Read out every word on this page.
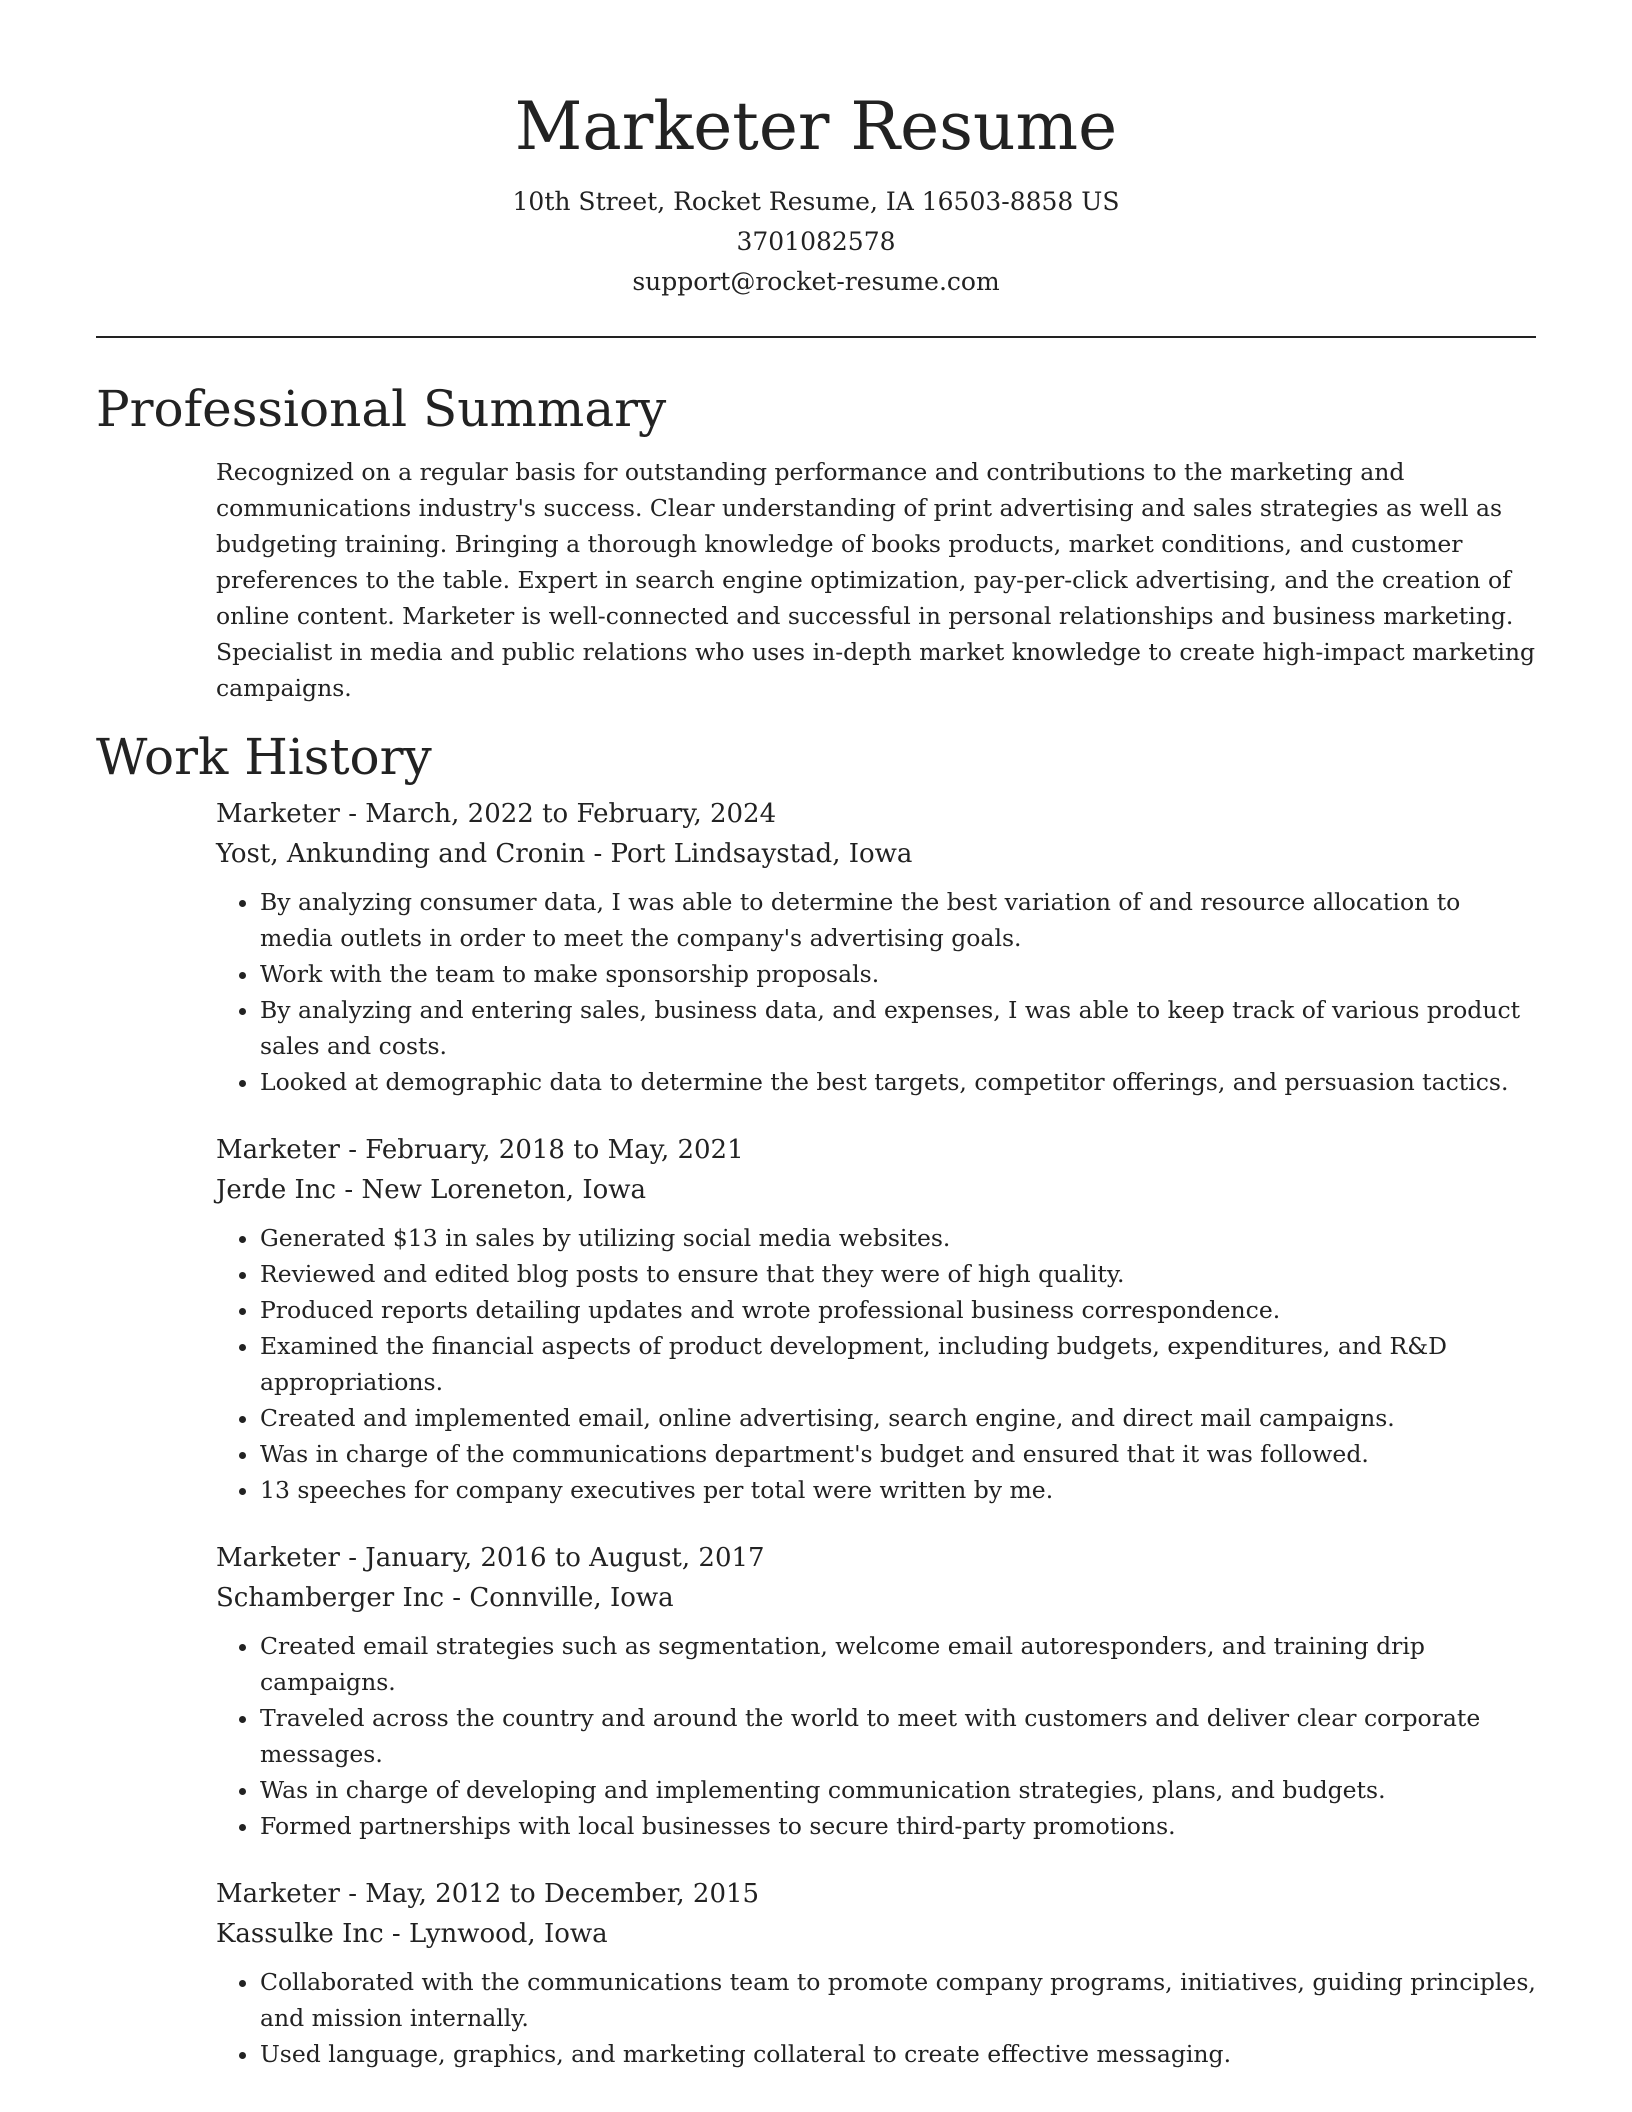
Marketer Resume
10th Street, Rocket Resume, IA 16503-8858 US
3701082578
support@rocket-resume.com
Professional Summary

Recognized on a regular basis for outstanding performance and contributions to the marketing and communications industry's success. Clear understanding of print advertising and sales strategies as well as budgeting training. Bringing a thorough knowledge of books products, market conditions, and customer preferences to the table. Expert in search engine optimization, pay-per-click advertising, and the creation of online content. Marketer is well-connected and successful in personal relationships and business marketing. Specialist in media and public relations who uses in-depth market knowledge to create high-impact marketing campaigns.

Work History
Marketer - March, 2022 to February, 2024
Yost, Ankunding and Cronin - Port Lindsaystad, Iowa
• By analyzing consumer data, I was able to determine the best variation of and resource allocation to media outlets in order to meet the company's advertising goals.
• Work with the team to make sponsorship proposals.
• By analyzing and entering sales, business data, and expenses, I was able to keep track of various product sales and costs.
• Looked at demographic data to determine the best targets, competitor offerings, and persuasion tactics.
Marketer - February, 2018 to May, 2021
Jerde Inc - New Loreneton, Iowa
• Generated $13 in sales by utilizing social media websites.
• Reviewed and edited blog posts to ensure that they were of high quality.
• Produced reports detailing updates and wrote professional business correspondence.
• Examined the financial aspects of product development, including budgets, expenditures, and R&D appropriations.
• Created and implemented email, online advertising, search engine, and direct mail campaigns.
• Was in charge of the communications department's budget and ensured that it was followed.
• 13 speeches for company executives per total were written by me.
Marketer - January, 2016 to August, 2017
Schamberger Inc - Connville, Iowa
• Created email strategies such as segmentation, welcome email autoresponders, and training drip campaigns.
• Traveled across the country and around the world to meet with customers and deliver clear corporate messages.
• Was in charge of developing and implementing communication strategies, plans, and budgets.
• Formed partnerships with local businesses to secure third-party promotions.
Marketer - May, 2012 to December, 2015
Kassulke Inc - Lynwood, Iowa
• Collaborated with the communications team to promote company programs, initiatives, guiding principles, and mission internally.
• Used language, graphics, and marketing collateral to create effective messaging.
